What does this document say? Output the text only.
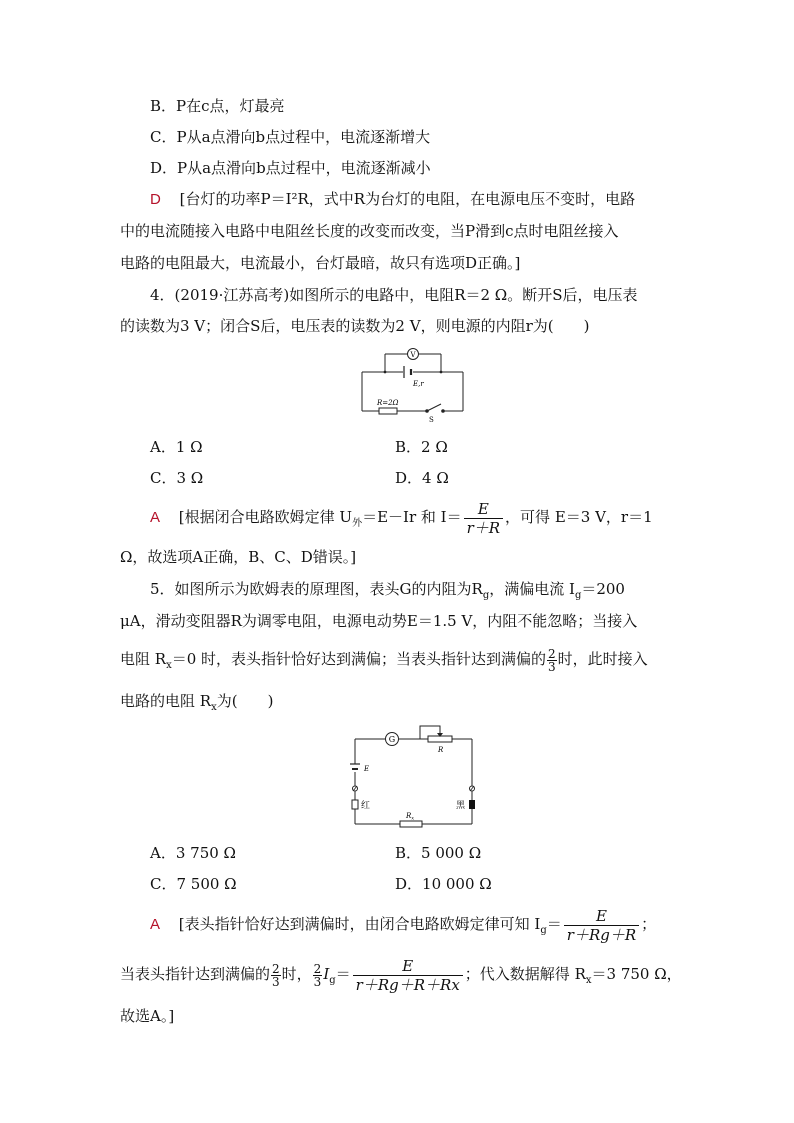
B．P在c点，灯最亮
C．P从a点滑向b点过程中，电流逐渐增大
D．P从a点滑向b点过程中，电流逐渐减小
D [台灯的功率P＝I²R，式中R为台灯的电阻，在电源电压不变时，电路
中的电流随接入电路中电阻丝长度的改变而改变，当P滑到c点时电阻丝接入
电路的电阻最大，电流最小，台灯最暗，故只有选项D正确。]
4．(2019·江苏高考)如图所示的电路中，电阻R＝2 Ω。断开S后，电压表
的读数为3 V；闭合S后，电压表的读数为2 V，则电源的内阻r为(　　)
V
E,r
R=2Ω
S
A．1 Ω	B．2 Ω
C．3 Ω	D．4 Ω
A [根据闭合电路欧姆定律 $U_外=E-Ir$ 和 $I= \frac{E}{r+R}$ ，可得 E＝3 V，r＝1
Ω，故选项A正确，B、C、D错误。]
5．如图所示为欧姆表的原理图，表头G的内阻为$R_g$，满偏电流 $I_g=200$
μA，滑动变阻器R为调零电阻，电源电动势E＝1.5 V，内阻不能忽略；当接入
电阻 $R_x=0$ 时，表头指针恰好达到满偏；当表头指针达到满偏的 $\frac{2}{3}$ 时，此时接入
电路的电阻 $R_x$为(　　)
G
R
E
红	黑
$R_x$
A．3 750 Ω	B．5 000 Ω
C．7 500 Ω	D．10 000 Ω
A [表头指针恰好达到满偏时，由闭合电路欧姆定律可知 $I_g= \frac{E}{r+Rg+R}$ ；
当表头指针达到满偏的 $\frac{2}{3}$ 时， $\frac{2}{3} I_g= \frac{E}{r+Rg+R+Rx}$ ；代入数据解得 $R_x=3$ 750 Ω，
故选A。]
